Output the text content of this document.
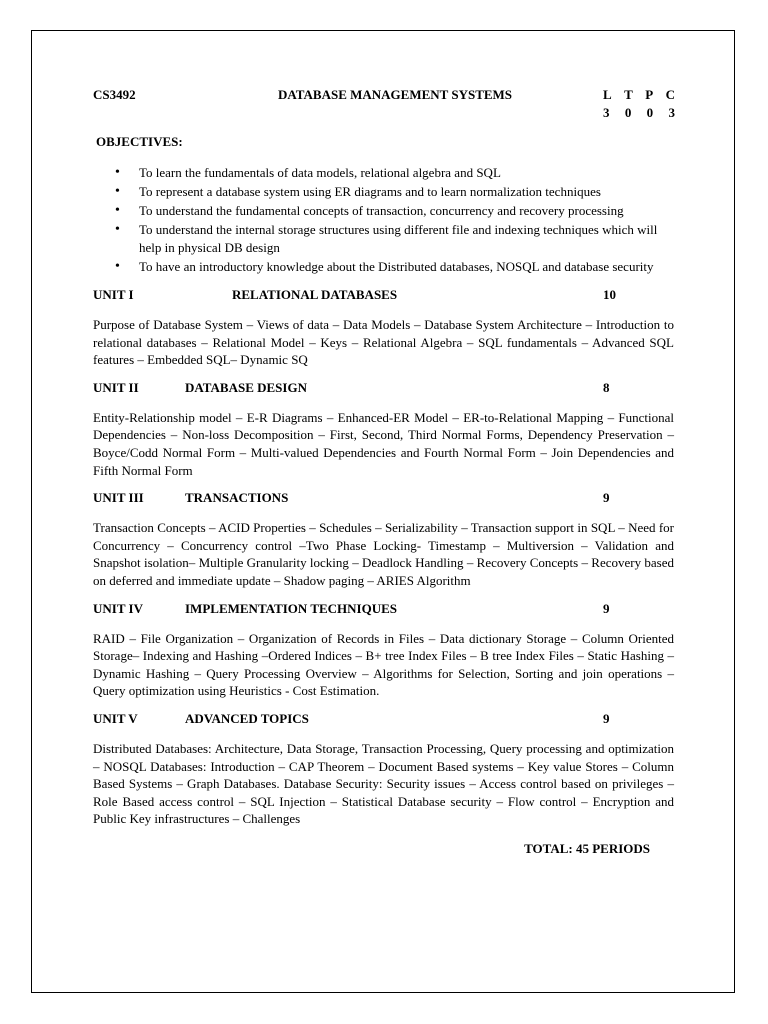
CS3492	DATABASE MANAGEMENT SYSTEMS	L T P C
3 0 0 3
OBJECTIVES:
• To learn the fundamentals of data models, relational algebra and SQL
• To represent a database system using ER diagrams and to learn normalization techniques
• To understand the fundamental concepts of transaction, concurrency and recovery processing
• To understand the internal storage structures using different file and indexing techniques which will help in physical DB design
• To have an introductory knowledge about the Distributed databases, NOSQL and database security
UNIT I	RELATIONAL DATABASES	10
Purpose of Database System – Views of data – Data Models – Database System Architecture – Introduction to relational databases – Relational Model – Keys – Relational Algebra – SQL fundamentals – Advanced SQL features – Embedded SQL– Dynamic SQ
UNIT II	DATABASE DESIGN	8
Entity-Relationship model – E-R Diagrams – Enhanced-ER Model – ER-to-Relational Mapping – Functional Dependencies – Non-loss Decomposition – First, Second, Third Normal Forms, Dependency Preservation – Boyce/Codd Normal Form – Multi-valued Dependencies and Fourth Normal Form – Join Dependencies and Fifth Normal Form
UNIT III	TRANSACTIONS	9
Transaction Concepts – ACID Properties – Schedules – Serializability – Transaction support in SQL – Need for Concurrency – Concurrency control –Two Phase Locking- Timestamp – Multiversion – Validation and Snapshot isolation– Multiple Granularity locking – Deadlock Handling – Recovery Concepts – Recovery based on deferred and immediate update – Shadow paging – ARIES Algorithm
UNIT IV	IMPLEMENTATION TECHNIQUES	9
RAID – File Organization – Organization of Records in Files – Data dictionary Storage – Column Oriented Storage– Indexing and Hashing –Ordered Indices – B+ tree Index Files – B tree Index Files – Static Hashing – Dynamic Hashing – Query Processing Overview – Algorithms for Selection, Sorting and join operations – Query optimization using Heuristics - Cost Estimation.
UNIT V	ADVANCED TOPICS	9
Distributed Databases: Architecture, Data Storage, Transaction Processing, Query processing and optimization – NOSQL Databases: Introduction – CAP Theorem – Document Based systems – Key value Stores – Column Based Systems – Graph Databases. Database Security: Security issues – Access control based on privileges – Role Based access control – SQL Injection – Statistical Database security – Flow control – Encryption and Public Key infrastructures – Challenges
TOTAL: 45 PERIODS
